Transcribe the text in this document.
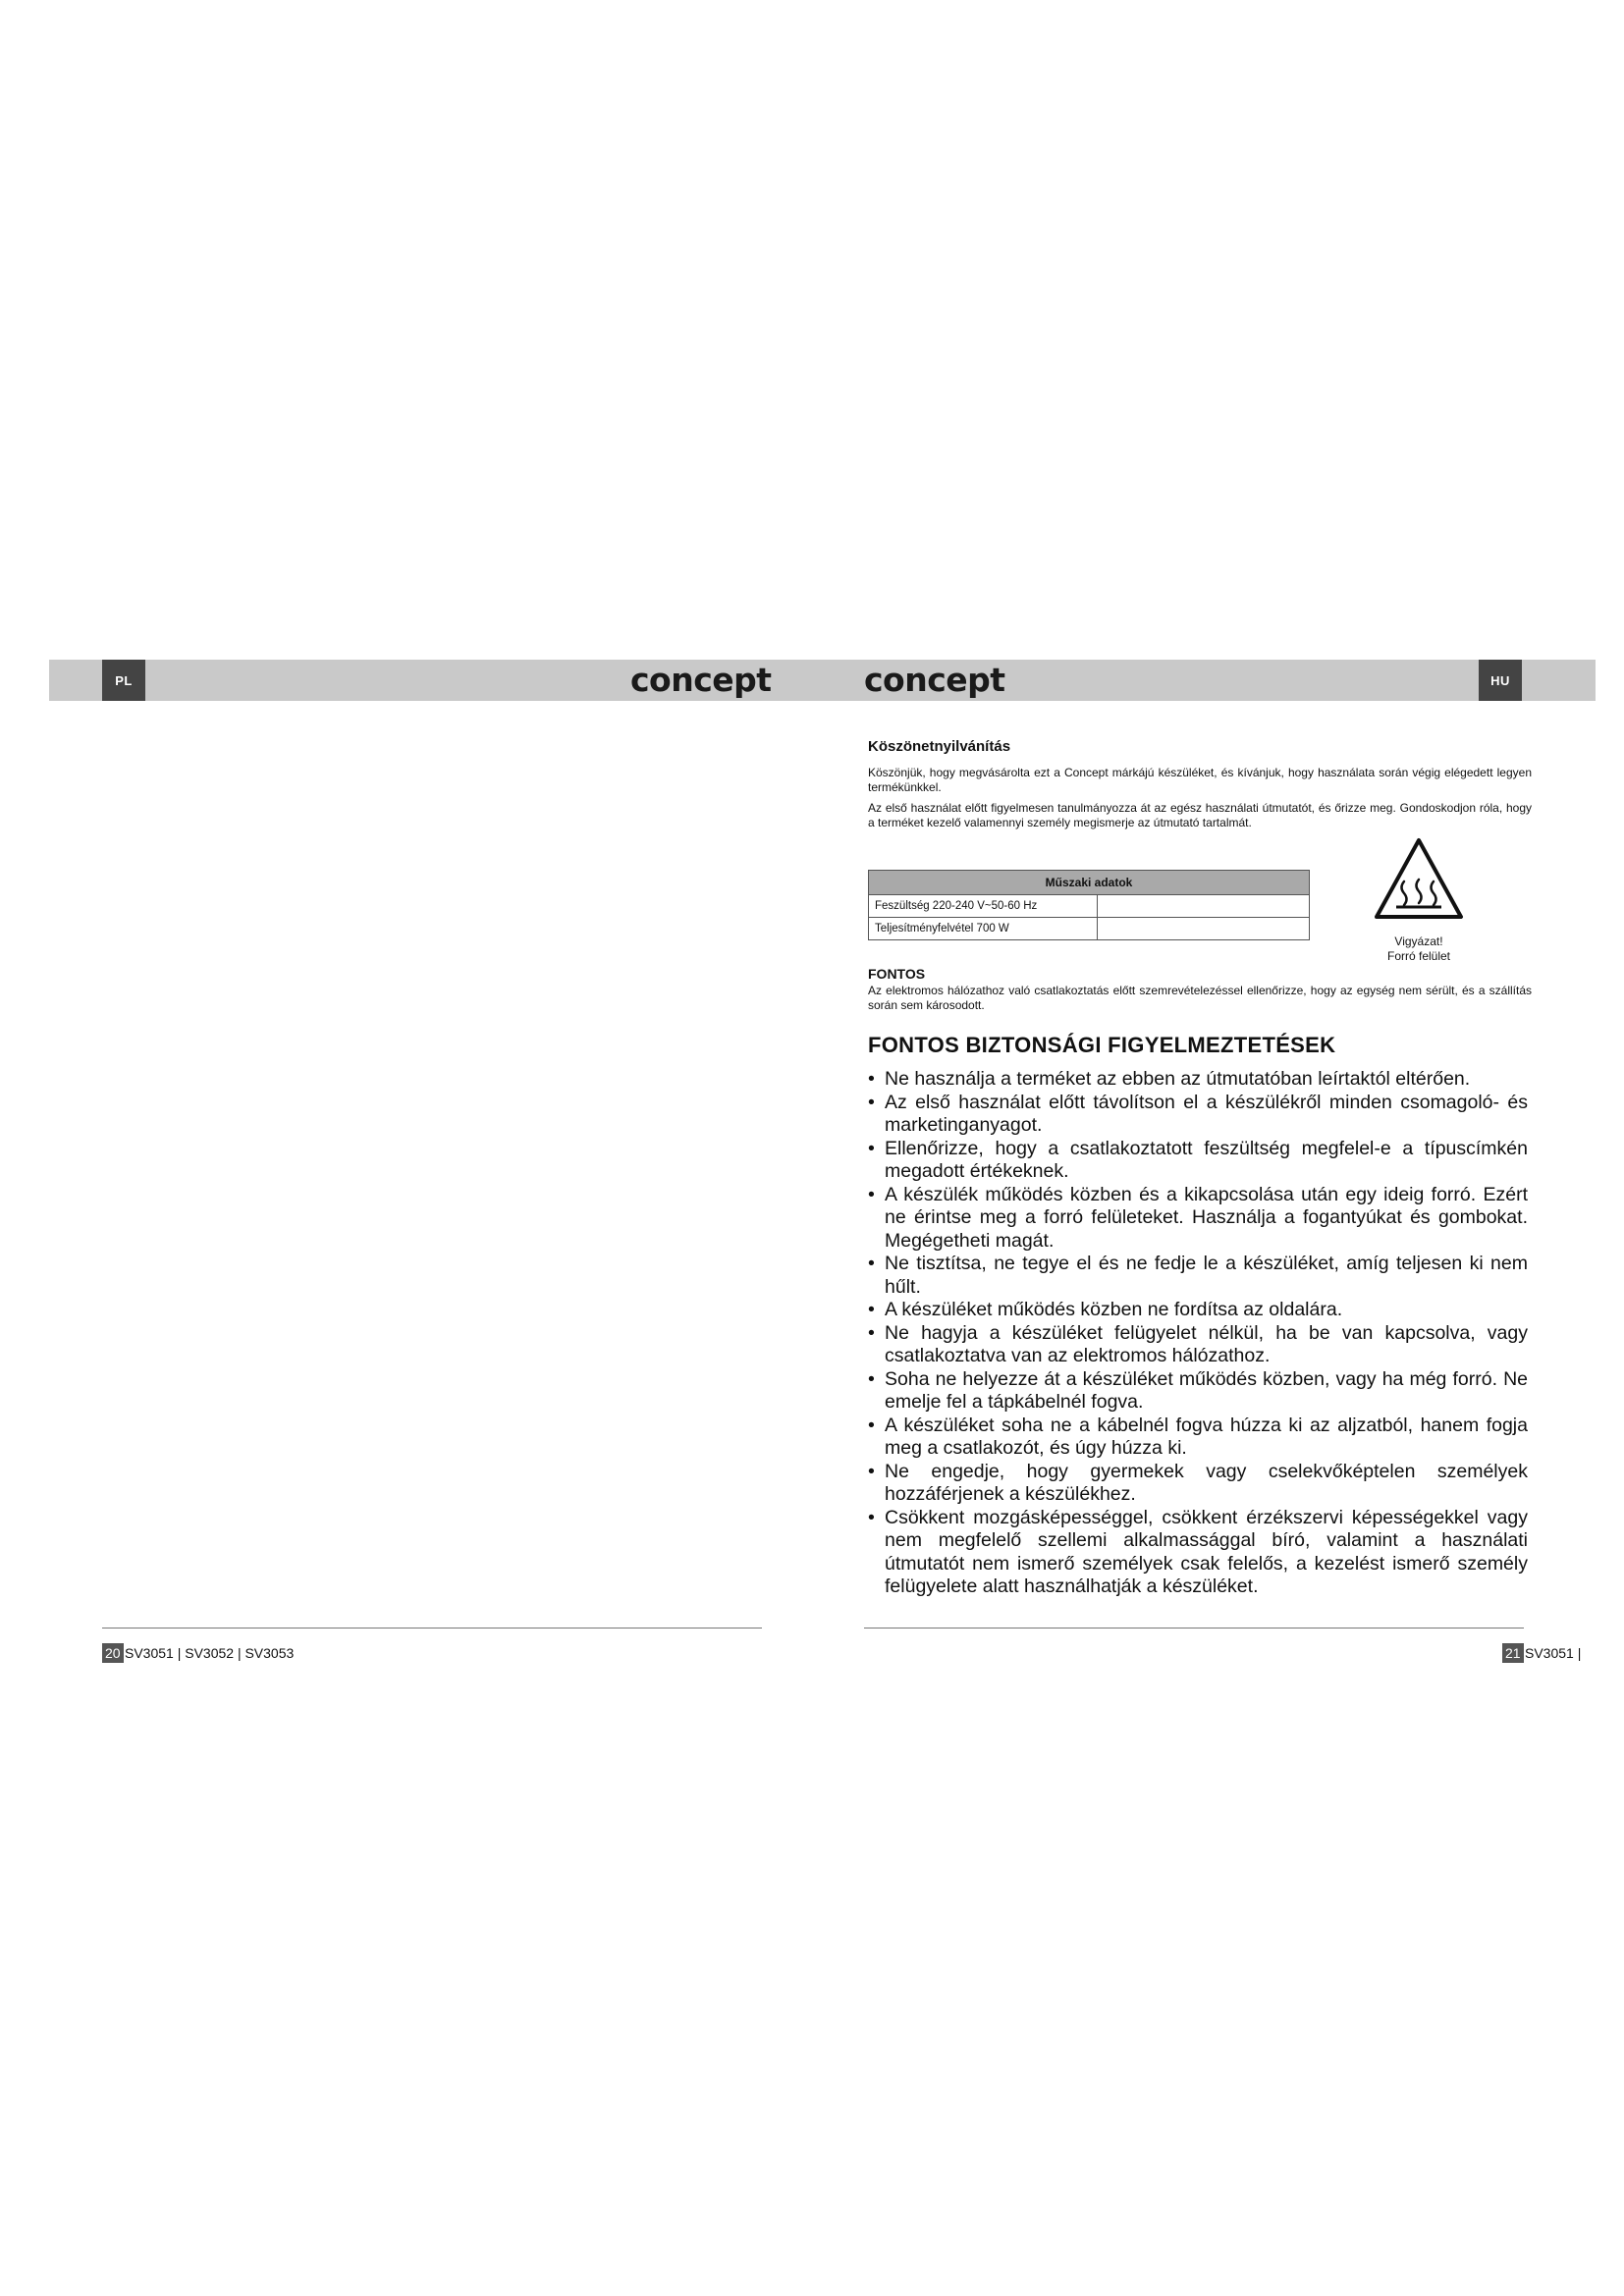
PL	concept	concept	HU
Köszönetnyilvánítás

Köszönjük, hogy megvásárolta ezt a Concept márkájú készüléket, és kívánjuk, hogy használata során végig elégedett legyen termékünkkel.

Az első használat előtt figyelmesen tanulmányozza át az egész használati útmutatót, és őrizze meg. Gondoskodjon róla, hogy a terméket kezelő valamennyi személy megismerje az útmutató tartalmát.

Műszaki adatok	
Feszültség 220-240 V~50-60 Hz	
Teljesítményfelvétel 700 W	
Vigyázat!
Forró felület
FONTOS

Az elektromos hálózathoz való csatlakoztatás előtt szemrevételezéssel ellenőrizze, hogy az egység nem sérült, és a szállítás során sem károsodott.

FONTOS BIZTONSÁGI FIGYELMEZTETÉSEK
• Ne használja a terméket az ebben az útmutatóban leírtaktól eltérően.
• Az első használat előtt távolítson el a készülékről minden csomagoló- és marketinganyagot.
• Ellenőrizze, hogy a csatlakoztatott feszültség megfelel-e a típuscímkén megadott értékeknek.
• A készülék működés közben és a kikapcsolása után egy ideig forró. Ezért ne érintse meg a forró felületeket. Használja a fogantyúkat és gombokat. Megégetheti magát.
• Ne tisztítsa, ne tegye el és ne fedje le a készüléket, amíg teljesen ki nem hűlt.
• A készüléket működés közben ne fordítsa az oldalára.
• Ne hagyja a készüléket felügyelet nélkül, ha be van kapcsolva, vagy csatlakoztatva van az elektromos hálózathoz.
• Soha ne helyezze át a készüléket működés közben, vagy ha még forró. Ne emelje fel a tápkábelnél fogva.
• A készüléket soha ne a kábelnél fogva húzza ki az aljzatból, hanem fogja meg a csatlakozót, és úgy húzza ki.
• Ne engedje, hogy gyermekek vagy cselekvőképtelen személyek hozzáférjenek a készülékhez.
• Csökkent mozgásképességgel, csökkent érzékszervi képességekkel vagy nem megfelelő szellemi alkalmassággal bíró, valamint a használati útmutatót nem ismerő személyek csak felelős, a kezelést ismerő személy felügyelete alatt használhatják a készüléket.
20 SV3051 | SV3052 | SV3053	21 SV3051 |
